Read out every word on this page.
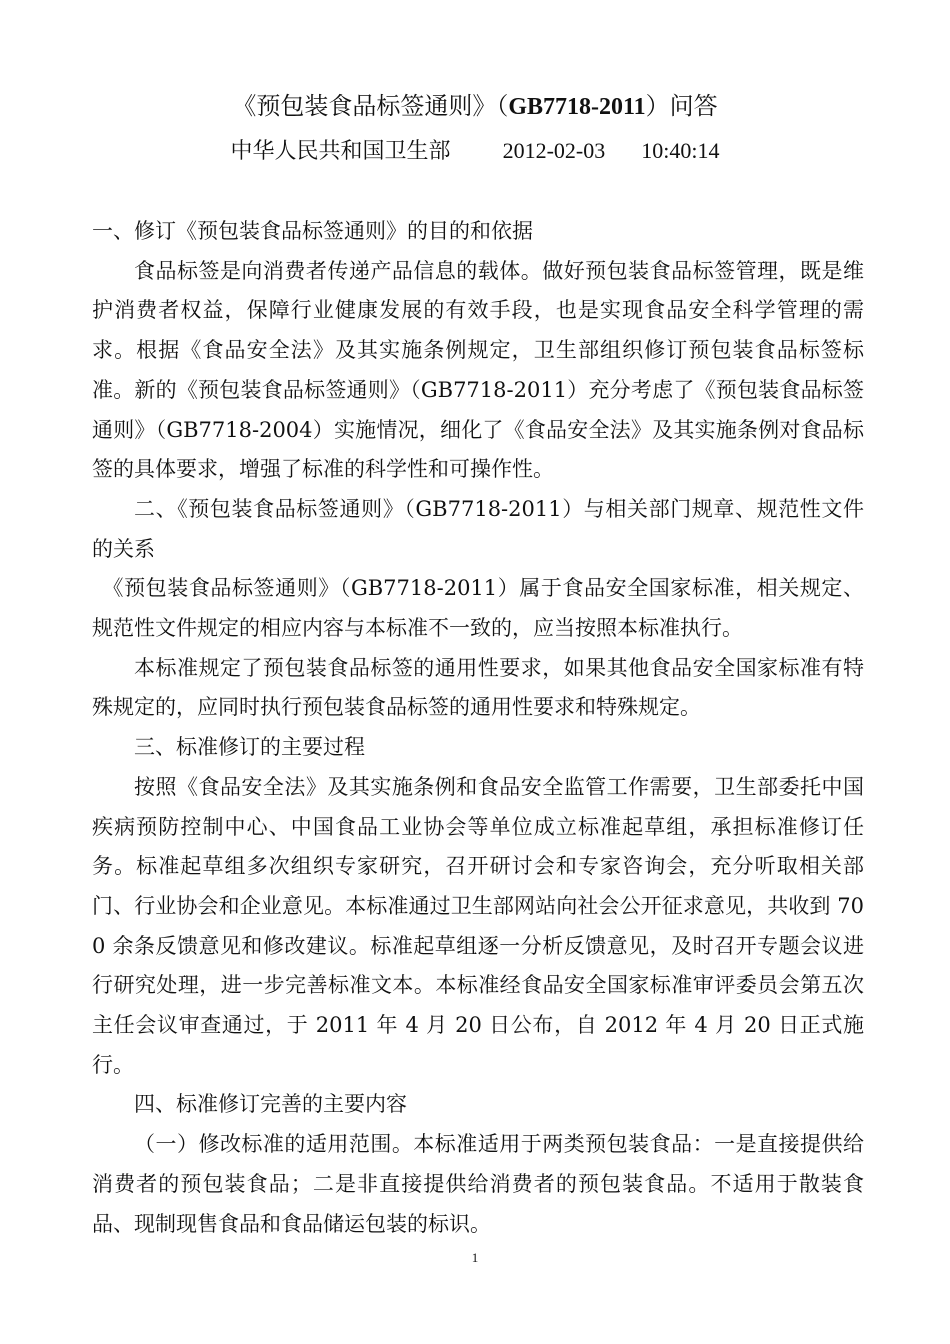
《预包装食品标签通则》（GB7718-2011）问答
中华人民共和国卫生部 2012-02-03 10:40:14

一、修订《预包装食品标签通则》的目的和依据

食品标签是向消费者传递产品信息的载体。做好预包装食品标签管理，既是维护消费者权益，保障行业健康发展的有效手段，也是实现食品安全科学管理的需求。根据《食品安全法》及其实施条例规定，卫生部组织修订预包装食品标签标准。新的《预包装食品标签通则》（GB7718-2011）充分考虑了《预包装食品标签通则》（GB7718-2004）实施情况，细化了《食品安全法》及其实施条例对食品标签的具体要求，增强了标准的科学性和可操作性。

二、《预包装食品标签通则》（GB7718-2011）与相关部门规章、规范性文件的关系

《预包装食品标签通则》（GB7718-2011）属于食品安全国家标准，相关规定、规范性文件规定的相应内容与本标准不一致的，应当按照本标准执行。

本标准规定了预包装食品标签的通用性要求，如果其他食品安全国家标准有特殊规定的，应同时执行预包装食品标签的通用性要求和特殊规定。

三、标准修订的主要过程

按照《食品安全法》及其实施条例和食品安全监管工作需要，卫生部委托中国疾病预防控制中心、中国食品工业协会等单位成立标准起草组，承担标准修订任务。标准起草组多次组织专家研究，召开研讨会和专家咨询会，充分听取相关部门、行业协会和企业意见。本标准通过卫生部网站向社会公开征求意见，共收到 700 余条反馈意见和修改建议。标准起草组逐一分析反馈意见，及时召开专题会议进行研究处理，进一步完善标准文本。本标准经食品安全国家标准审评委员会第五次主任会议审查通过，于 2011 年 4 月 20 日公布，自 2012 年 4 月 20 日正式施行。

四、标准修订完善的主要内容

（一）修改标准的适用范围。本标准适用于两类预包装食品：一是直接提供给消费者的预包装食品；二是非直接提供给消费者的预包装食品。不适用于散装食品、现制现售食品和食品储运包装的标识。

1
